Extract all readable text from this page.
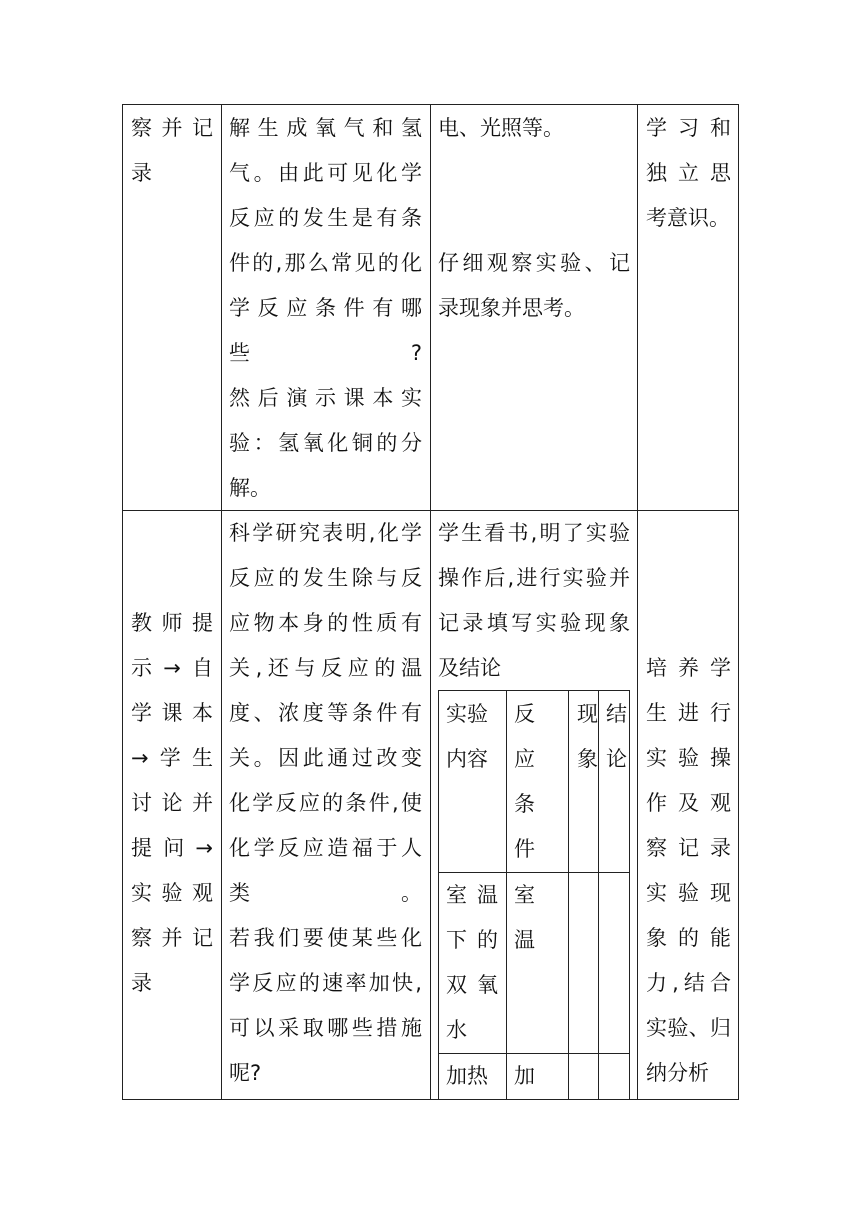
察并记
录
解生成氧气和氢
气。由此可见化学
反应的发生是有条
件的,那么常见的化
学反应条件有哪
些?
然后演示课本实
验：氢氧化铜的分
解。
电、光照等。
仔细观察实验、记
录现象并思考。
学习和
独立思
考意识。
教师提
示→自
学课本
→学生
讨论并
提问→
实验观
察并记
录
科学研究表明,化学
反应的发生除与反
应物本身的性质有
关,还与反应的温
度、浓度等条件有
关。因此通过改变
化学反应的条件,使
化学反应造福于人
类。
若我们要使某些化
学反应的速率加快,
可以采取哪些措施
呢?
学生看书,明了实验
操作后,进行实验并
记录填写实验现象
及结论	培养学
生进行
实验操
作及观
察记录
实验现
象的能
力,结合
实验、归
纳分析
实验
内容
反
应
条
件
现
象
结
论
室温
下的
双氧
水
室
温
加热	加
